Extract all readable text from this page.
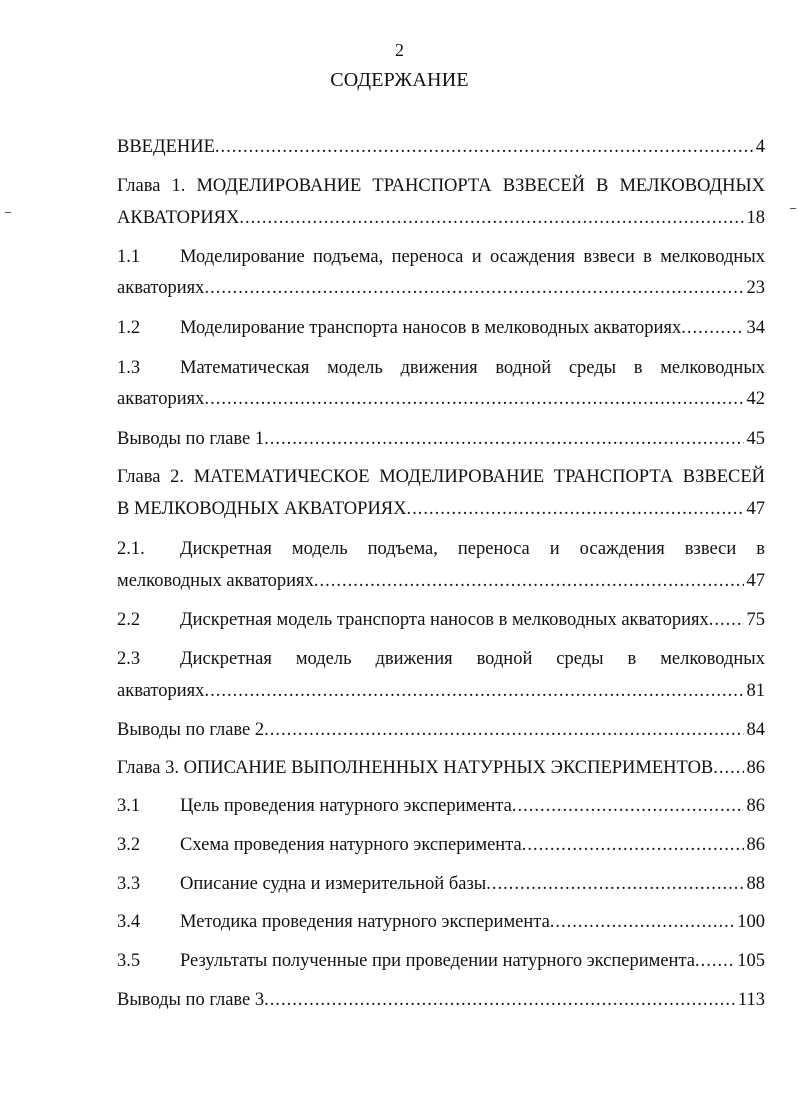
2
СОДЕРЖАНИЕ
ВВЕДЕНИЕ .....	4
Глава 1. МОДЕЛИРОВАНИЕ ТРАНСПОРТА ВЗВЕСЕЙ В МЕЛКОВОДНЫХ
АКВАТОРИЯХ .....	18
1.1 Моделирование подъема, переноса и осаждения взвеси в мелководных
акваториях .....	23
1.2 Моделирование транспорта наносов в мелководных акваториях .....	34
1.3 Математическая модель движения водной среды в мелководных
акваториях .....	42
Выводы по главе 1 .....	45
Глава 2. МАТЕМАТИЧЕСКОЕ МОДЕЛИРОВАНИЕ ТРАНСПОРТА ВЗВЕСЕЙ
В МЕЛКОВОДНЫХ АКВАТОРИЯХ .....	47
2.1. Дискретная модель подъема, переноса и осаждения взвеси в
мелководных акваториях .....	47
2.2 Дискретная модель транспорта наносов в мелководных акваториях ..... 75
2.3 Дискретная модель движения водной среды в мелководных
акваториях .....	81
Выводы по главе 2 .....	84
Глава 3. ОПИСАНИЕ ВЫПОЛНЕННЫХ НАТУРНЫХ ЭКСПЕРИМЕНТОВ ..... 86
3.1 Цель проведения натурного эксперимента .....	86
3.2 Схема проведения натурного эксперимента .....	86
3.3 Описание судна и измерительной базы .....	88
3.4 Методика проведения натурного эксперимента .....	100
3.5 Результаты полученные при проведении натурного эксперимента ..... 105
Выводы по главе 3 .....	113
